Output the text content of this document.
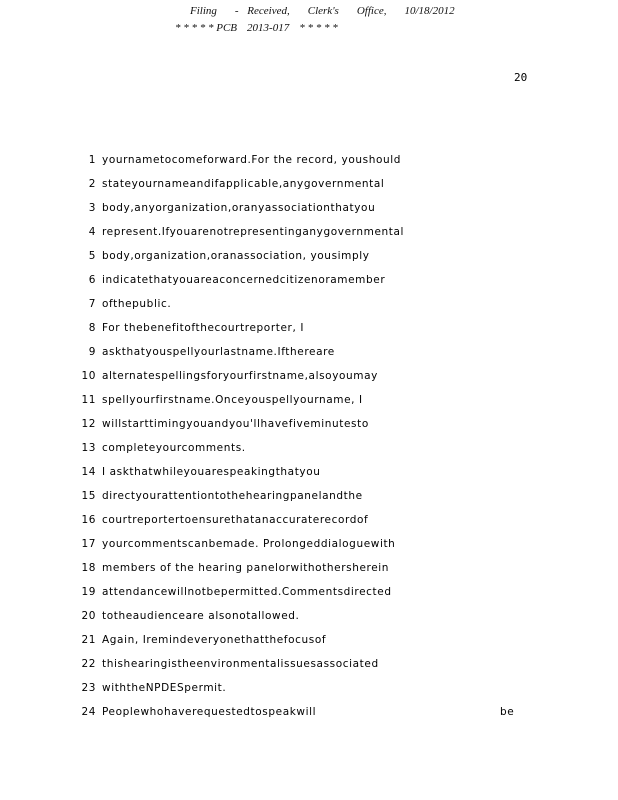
Filing - Received, Clerk's Office, 10/18/2012
* * * * * PCB 2013-017 * * * * *
20
1 yournametocomeforward.For the record, youshould
2 stateyournameandifapplicable,anygovernmental
3 body,anyorganization,oranyassociationthatyou
4 represent.Ifyouarenotrepresentinganygovernmental
5 body,organization,oranassociation, yousimply
6 indicatethatyouareaconcernedcitizenoramember
7 ofthepublic.
8 For thebenefitofthecourtreporter, I
9 askthatyouspellyourlastname.Ifthereare
10 alternatespellingsforyourfirstname,alsoyoumay
11 spellyourfirstname.Onceyouspellyourname, I
12 willstarttimingyouandyou'llhavefiveminutesto
13 completeyourcomments.
14 I askthatwhileyouarespeakingthatyou
15 directyourattentiontothehearingpanelandthe
16 courtreportertoensurethatanaccuraterecordof
17 yourcommentscanbemade. Prolongeddialoguewith
18 members of the hearing panelorwithothersherein
19 attendancewillnotbepermitted.Commentsdirected
20 totheaudienceare alsonotallowed.
21 Again, Iremindeveryonethatthefocusof
22 thishearingistheenvironmentalissuesassociated
23 withtheNPDESpermit.
24 Peoplewhohaverequestedtospeakwill	be
